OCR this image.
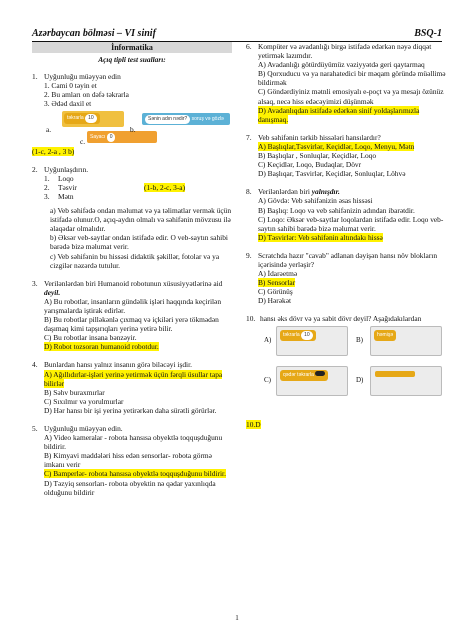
Azərbaycan bölməsi – VI sinif	BSQ-1
İnformatika
Açıq tipli test sualları:
1. Uyğunluğu müəyyən edin
1. Cami 0 təyin et
2. Bu amları on dəfə təkrarla
3. Ədəd daxil et
təkrarla 10	Sənin adın nədir? soruş və gözlə
Sayacı 0
a.	b.
c.
(1-c, 2-a , 3 b)
2. Uyğunlaşdırın.
1. Loqo
2. Təsvir
3. Mətn
(1-b, 2-c, 3-a)
a) Veb səhifədə ondan məlumat və ya təlimatlar vermək üçün istifadə olunur.O, açıq-aydın olmalı və səhifənin mövzusu ilə əlaqədar olmalıdır.
b) Əksər veb-saytlar ondan istifadə edir. O veb-saytın sahibi barədə bizə məlumat verir.
c) Veb səhifənin bu hissəsi didaktik şəkillər, fotolar və ya cizgilər nəzərdə tutulur.
3. Verilənlərdən biri Humanoid robotunun xüsusiyyətlərinə aid deyil.
A) Bu robotlar, insanların gündəlik işləri haqqında keçirilən yarışmalarda iştirak edirlər.
B) Bu robotlar pilləkənlə çıxmaq və içkiləri yerə tökmədən daşımaq kimi tapşırıqları yerinə yetirə bilir.
C) Bu robotlar insana bənzəyir.
D) Robot tozsoran humanoid robotdur.
4. Bunlardan hansı yalnız insanın görə biləcəyi işdir.
A) Ağıllıdırlar-işləri yerinə yetirmək üçün fərqli üsullar tapa bilirlər
B) Səhv buraxmırlar
C) Sıxılmır və yorulmurlar
D) Hər hansı bir işi yerinə yetirərkən daha sürətli görürlər.
5. Uyğunluğu müəyyən edin.
A) Video kameralar - robota hansısa obyektlə toqquşduğunu bildirir.
B) Kimyavi maddələri hiss edən sensorlar- robota görmə imkanı verir
C) Bamperlər- robota hansısa obyektlə toqquşduğunu bildirir.
D) Təzyiq sensorları- robota obyektin nə qədar yaxınlıqda olduğunu bildirir
6. Kompüter və avadanlığı birgə istifadə edərkən nəyə diqqət yetirmək lazımdır.
A) Avadanlığı götürdüyümüz vəziyyətdə geri qaytarmaq
B) Qorxuducu və ya narahatedici bir məqam göründə müəllimə bildirmək
C) Göndərdiyiniz mətnli emosiyalı e-poçt və ya mesajı özünüz alsaq, necə hiss edəcəyimizi düşünmək
D) Avadanlıqdan istifadə edərkən sinif yoldaşlarımızla danışmaq.
7. Veb səhifənin tərkib hissələri hansılardır?
A) Başlıqlar,Təsvirlər, Keçidlər, Loqo, Menyu, Mətn
B) Başlıqlar , Sonluqlar, Keçidlər, Loqo
C) Keçidlər, Loqo, Budaqlar, Dövr
D) Başlıqar, Təsvirlər, Keçidlər, Sonluqlar, Löhvə
8. Verilənlərdən biri yalnışdır.
A) Gövdə: Veb səhifənizin əsas hissəsi
B) Başlıq: Loqo və veb səhifənizin adından ibarətdir.
C) Loqo: Əksər veb-saytlar loqolardan istifadə edir. Loqo veb-saytın sahibi barədə bizə məlumat verir.
D) Təsvirlər: Veb səhifənin altındakı hissə
9. Scratchda hazır "cavab" adlanan dəyişən hansı növ blokların içərisində yerləşir?
A) İdarəetmə
B) Sensorlar
C) Görünüş
D) Hərəkət
10. hansı əks dövr və ya sabit dövr deyil? Aşağıdakılardan
A)
təkrarla 10
B)
həmişə
C)
qədər təkrarla
D)
10.D
1
